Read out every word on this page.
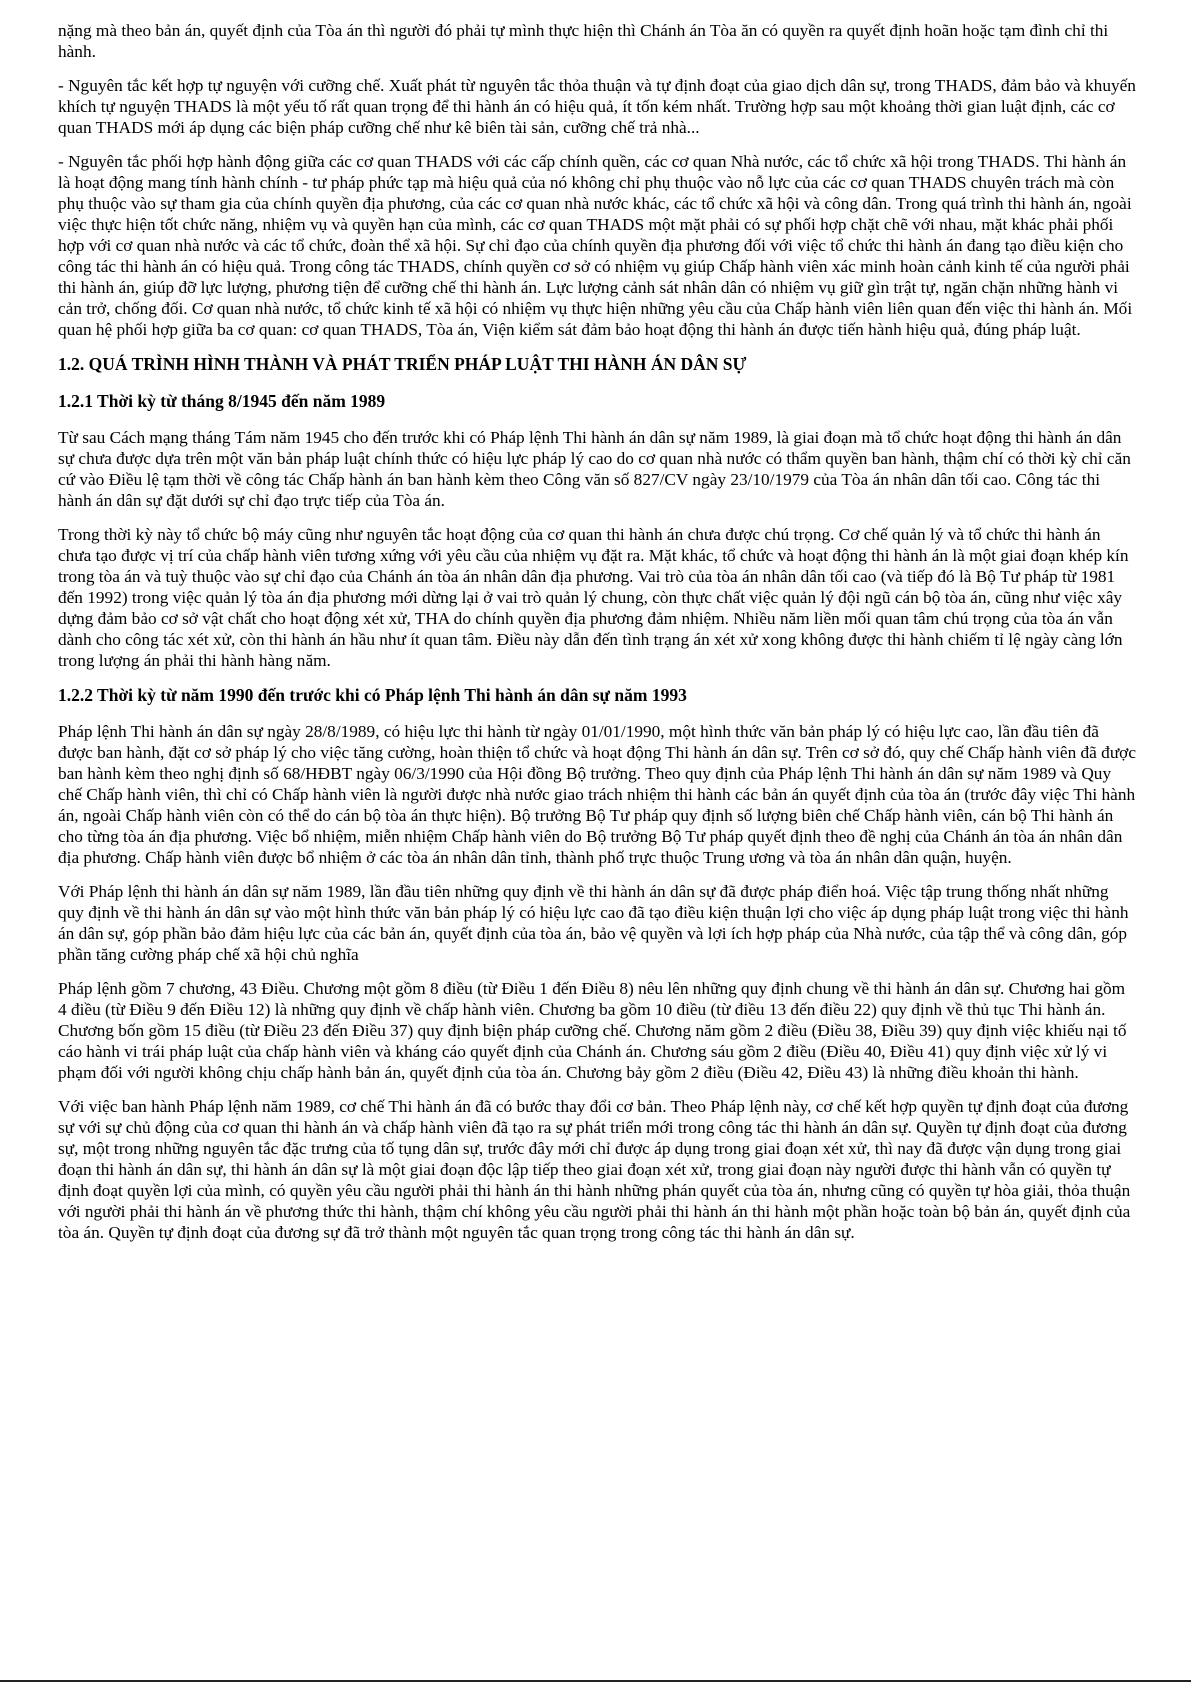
nặng mà theo bản án, quyết định của Tòa án thì người đó phải tự mình thực hiện thì Chánh án Tòa ăn có quyền ra quyết định hoãn hoặc tạm đình chỉ thi hành.

- Nguyên tắc kết hợp tự nguyện với cưỡng chế. Xuất phát từ nguyên tắc thỏa thuận và tự định đoạt của giao dịch dân sự, trong THADS, đảm bảo và khuyến khích tự nguyện THADS là một yếu tố rất quan trọng để thi hành án có hiệu quả, ít tốn kém nhất. Trường hợp sau một khoảng thời gian luật định, các cơ quan THADS mới áp dụng các biện pháp cưỡng chế như kê biên tài sản, cưỡng chế trả nhà...

- Nguyên tắc phối hợp hành động giữa các cơ quan THADS với các cấp chính quền, các cơ quan Nhà nước, các tổ chức xã hội trong THADS. Thi hành án là hoạt động mang tính hành chính - tư pháp phức tạp mà hiệu quả của nó không chỉ phụ thuộc vào nỗ lực của các cơ quan THADS chuyên trách mà còn phụ thuộc vào sự tham gia của chính quyền địa phương, của các cơ quan nhà nước khác, các tổ chức xã hội và công dân. Trong quá trình thi hành án, ngoài việc thực hiện tốt chức năng, nhiệm vụ và quyền hạn của mình, các cơ quan THADS một mặt phải có sự phối hợp chặt chẽ với nhau, mặt khác phải phối hợp với cơ quan nhà nước và các tổ chức, đoàn thể xã hội. Sự chỉ đạo của chính quyền địa phương đối với việc tổ chức thi hành án đang tạo điều kiện cho công tác thi hành án có hiệu quả. Trong công tác THADS, chính quyền cơ sở có nhiệm vụ giúp Chấp hành viên xác minh hoàn cảnh kinh tế của người phải thi hành án, giúp đỡ lực lượng, phương tiện để cưỡng chế thi hành án. Lực lượng cảnh sát nhân dân có nhiệm vụ giữ gìn trật tự, ngăn chặn những hành vi cản trở, chống đối. Cơ quan nhà nước, tổ chức kinh tế xã hội có nhiệm vụ thực hiện những yêu cầu của Chấp hành viên liên quan đến việc thi hành án. Mối quan hệ phối hợp giữa ba cơ quan: cơ quan THADS, Tòa án, Viện kiểm sát đảm bảo hoạt động thi hành án được tiến hành hiệu quả, đúng pháp luật.

1.2. QUÁ TRÌNH HÌNH THÀNH VÀ PHÁT TRIỂN PHÁP LUẬT THI HÀNH ÁN DÂN SỰ
1.2.1 Thời kỳ từ tháng 8/1945 đến năm 1989

Từ sau Cách mạng tháng Tám năm 1945 cho đến trước khi có Pháp lệnh Thi hành án dân sự năm 1989, là giai đoạn mà tổ chức hoạt động thi hành án dân sự chưa được dựa trên một văn bản pháp luật chính thức có hiệu lực pháp lý cao do cơ quan nhà nước có thẩm quyền ban hành, thậm chí có thời kỳ chỉ căn cứ vào Điều lệ tạm thời về công tác Chấp hành án ban hành kèm theo Công văn số 827/CV ngày 23/10/1979 của Tòa án nhân dân tối cao. Công tác thi hành án dân sự đặt dưới sự chỉ đạo trực tiếp của Tòa án.

Trong thời kỳ này tổ chức bộ máy cũng như nguyên tắc hoạt động của cơ quan thi hành án chưa được chú trọng. Cơ chế quản lý và tổ chức thi hành án chưa tạo được vị trí của chấp hành viên tương xứng với yêu cầu của nhiệm vụ đặt ra. Mặt khác, tổ chức và hoạt động thi hành án là một giai đoạn khép kín trong tòa án và tuỳ thuộc vào sự chỉ đạo của Chánh án tòa án nhân dân địa phương. Vai trò của tòa án nhân dân tối cao (và tiếp đó là Bộ Tư pháp từ 1981 đến 1992) trong việc quản lý tòa án địa phương mới dừng lại ở vai trò quản lý chung, còn thực chất việc quản lý đội ngũ cán bộ tòa án, cũng như việc xây dựng đảm bảo cơ sở vật chất cho hoạt động xét xử, THA do chính quyền địa phương đảm nhiệm. Nhiều năm liền mối quan tâm chú trọng của tòa án vẫn dành cho công tác xét xử, còn thi hành án hầu như ít quan tâm. Điều này dẫn đến tình trạng án xét xử xong không được thi hành chiếm tỉ lệ ngày càng lớn trong lượng án phải thi hành hàng năm.

1.2.2 Thời kỳ từ năm 1990 đến trước khi có Pháp lệnh Thi hành án dân sự năm 1993

Pháp lệnh Thi hành án dân sự ngày 28/8/1989, có hiệu lực thi hành từ ngày 01/01/1990, một hình thức văn bản pháp lý có hiệu lực cao, lần đầu tiên đã được ban hành, đặt cơ sở pháp lý cho việc tăng cường, hoàn thiện tổ chức và hoạt động Thi hành án dân sự. Trên cơ sở đó, quy chế Chấp hành viên đã được ban hành kèm theo nghị định số 68/HĐBT ngày 06/3/1990 của Hội đồng Bộ trưởng. Theo quy định của Pháp lệnh Thi hành án dân sự năm 1989 và Quy chế Chấp hành viên, thì chỉ có Chấp hành viên là người được nhà nước giao trách nhiệm thi hành các bản án quyết định của tòa án (trước đây việc Thi hành án, ngoài Chấp hành viên còn có thể do cán bộ tòa án thực hiện). Bộ trưởng Bộ Tư pháp quy định số lượng biên chế Chấp hành viên, cán bộ Thi hành án cho từng tòa án địa phương. Việc bổ nhiệm, miễn nhiệm Chấp hành viên do Bộ trưởng Bộ Tư pháp quyết định theo đề nghị của Chánh án tòa án nhân dân địa phương. Chấp hành viên được bổ nhiệm ở các tòa án nhân dân tỉnh, thành phố trực thuộc Trung ương và tòa án nhân dân quận, huyện.

Với Pháp lệnh thi hành án dân sự năm 1989, lần đầu tiên những quy định về thi hành án dân sự đã được pháp điển hoá. Việc tập trung thống nhất những quy định về thi hành án dân sự vào một hình thức văn bản pháp lý có hiệu lực cao đã tạo điều kiện thuận lợi cho việc áp dụng pháp luật trong việc thi hành án dân sự, góp phần bảo đảm hiệu lực của các bản án, quyết định của tòa án, bảo vệ quyền và lợi ích hợp pháp của Nhà nước, của tập thể và công dân, góp phần tăng cường pháp chế xã hội chủ nghĩa

Pháp lệnh gồm 7 chương, 43 Điều. Chương một gồm 8 điều (từ Điều 1 đến Điều 8) nêu lên những quy định chung về thi hành án dân sự. Chương hai gồm 4 điều (từ Điều 9 đến Điều 12) là những quy định về chấp hành viên. Chương ba gồm 10 điều (từ điều 13 đến điều 22) quy định về thủ tục Thi hành án. Chương bốn gồm 15 điều (từ Điều 23 đến Điều 37) quy định biện pháp cưỡng chế. Chương năm gồm 2 điều (Điều 38, Điều 39) quy định việc khiếu nại tố cáo hành vi trái pháp luật của chấp hành viên và kháng cáo quyết định của Chánh án. Chương sáu gồm 2 điều (Điều 40, Điều 41) quy định việc xử lý vi phạm đối với người không chịu chấp hành bản án, quyết định của tòa án. Chương bảy gồm 2 điều (Điều 42, Điều 43) là những điều khoản thi hành.

Với việc ban hành Pháp lệnh năm 1989, cơ chế Thi hành án đã có bước thay đổi cơ bản. Theo Pháp lệnh này, cơ chế kết hợp quyền tự định đoạt của đương sự với sự chủ động của cơ quan thi hành án và chấp hành viên đã tạo ra sự phát triển mới trong công tác thi hành án dân sự. Quyền tự định đoạt của đương sự, một trong những nguyên tắc đặc trưng của tố tụng dân sự, trước đây mới chỉ được áp dụng trong giai đoạn xét xử, thì nay đã được vận dụng trong giai đoạn thi hành án dân sự, thi hành án dân sự là một giai đoạn độc lập tiếp theo giai đoạn xét xử, trong giai đoạn này người được thi hành vẫn có quyền tự định đoạt quyền lợi của mình, có quyền yêu cầu người phải thi hành án thi hành những phán quyết của tòa án, nhưng cũng có quyền tự hòa giải, thỏa thuận với người phải thi hành án về phương thức thi hành, thậm chí không yêu cầu người phải thi hành án thi hành một phần hoặc toàn bộ bản án, quyết định của tòa án. Quyền tự định đoạt của đương sự đã trở thành một nguyên tắc quan trọng trong công tác thi hành án dân sự.
